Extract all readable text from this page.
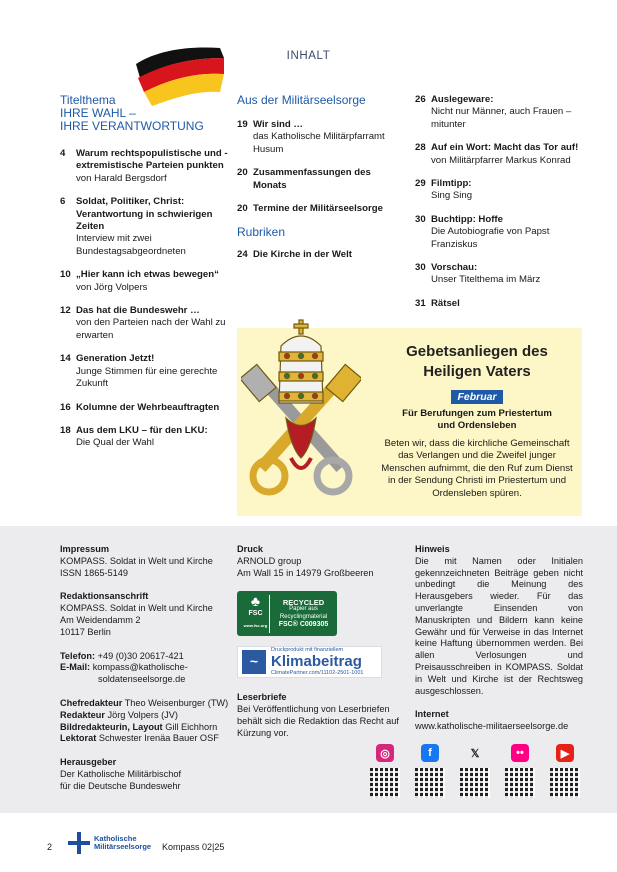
INHALT
Titelthema
IHRE WAHL –
IHRE VERANTWORTUNG
4	Warum rechtspopulistische und -extremistische Parteien punkten
von Harald Bergsdorf
6	Soldat, Politiker, Christ: Verantwortung in schwierigen Zeiten
Interview mit zwei Bundestagsabgeordneten
10 „Hier kann ich etwas bewegen“
von Jörg Volpers
12 Das hat die Bundeswehr …
von den Parteien nach der Wahl zu erwarten
14 Generation Jetzt!
Junge Stimmen für eine gerechte Zukunft
16 Kolumne der Wehrbeauftragten
18 Aus dem LKU – für den LKU:
Die Qual der Wahl
Aus der Militärseelsorge
19 Wir sind …
das Katholische Militärpfarramt Husum
20 Zusammenfassungen des Monats
20 Termine der Militärseelsorge
Rubriken
24 Die Kirche in der Welt
26 Auslegeware:
Nicht nur Männer, auch Frauen – mitunter
28 Auf ein Wort: Macht das Tor auf!
von Militärpfarrer Markus Konrad
29 Filmtipp:
Sing Sing
30 Buchtipp: Hoffe
Die Autobiografie von Papst Franziskus
30 Vorschau:
Unser Titelthema im März
31 Rätsel
Gebetsanliegen des
Heiligen Vaters
Februar
Für Berufungen zum Priestertum
und Ordensleben
Beten wir, dass die kirchliche Gemeinschaft das Verlangen und die Zweifel junger Menschen aufnimmt, die den Ruf zum Dienst in der Sendung Christi im Priestertum und Ordensleben spüren.
Impressum
KOMPASS. Soldat in Welt und Kirche
ISSN 1865-5149
Redaktionsanschrift
KOMPASS. Soldat in Welt und Kirche
Am Weidendamm 2
10117 Berlin
Telefon: +49 (0)30 20617-421
E-Mail: kompass@katholische-
soldatenseelsorge.de
Chefredakteur Theo Weisenburger (TW)
Redakteur Jörg Volpers (JV)
Bildredakteurin, Layout Gill Eichhorn
Lektorat Schwester Irenäa Bauer OSF
Herausgeber
Der Katholische Militärbischof
für die Deutsche Bundeswehr
Druck
ARNOLD group
Am Wall 15 in 14979 Großbeeren
♣
FSC
www.fsc.org
RECYCLED
Papier aus
Recyclingmaterial
FSC® C009305
~
Druckprodukt mit finanziellem
Klimabeitrag
ClimatePartner.com/11102-2501-1001
Leserbriefe
Bei Veröffentlichung von Leserbriefen behält sich die Redaktion das Recht auf Kürzung vor.
Hinweis
Die mit Namen oder Initialen gekennzeichneten Beiträge geben nicht unbedingt die Meinung des Herausgebers wieder. Für das unverlangte Einsenden von Manuskripten und Bildern kann keine Gewähr und für Verweise in das Internet keine Haftung übernommen werden. Bei allen Verlosungen und Preisausschreiben in KOMPASS. Soldat in Welt und Kirche ist der Rechtsweg ausgeschlossen.
Internet
www.katholische-militaerseelsorge.de
◎	f	𝕏	••	▶
2
Katholische
Militärseelsorge Kompass 02|25
